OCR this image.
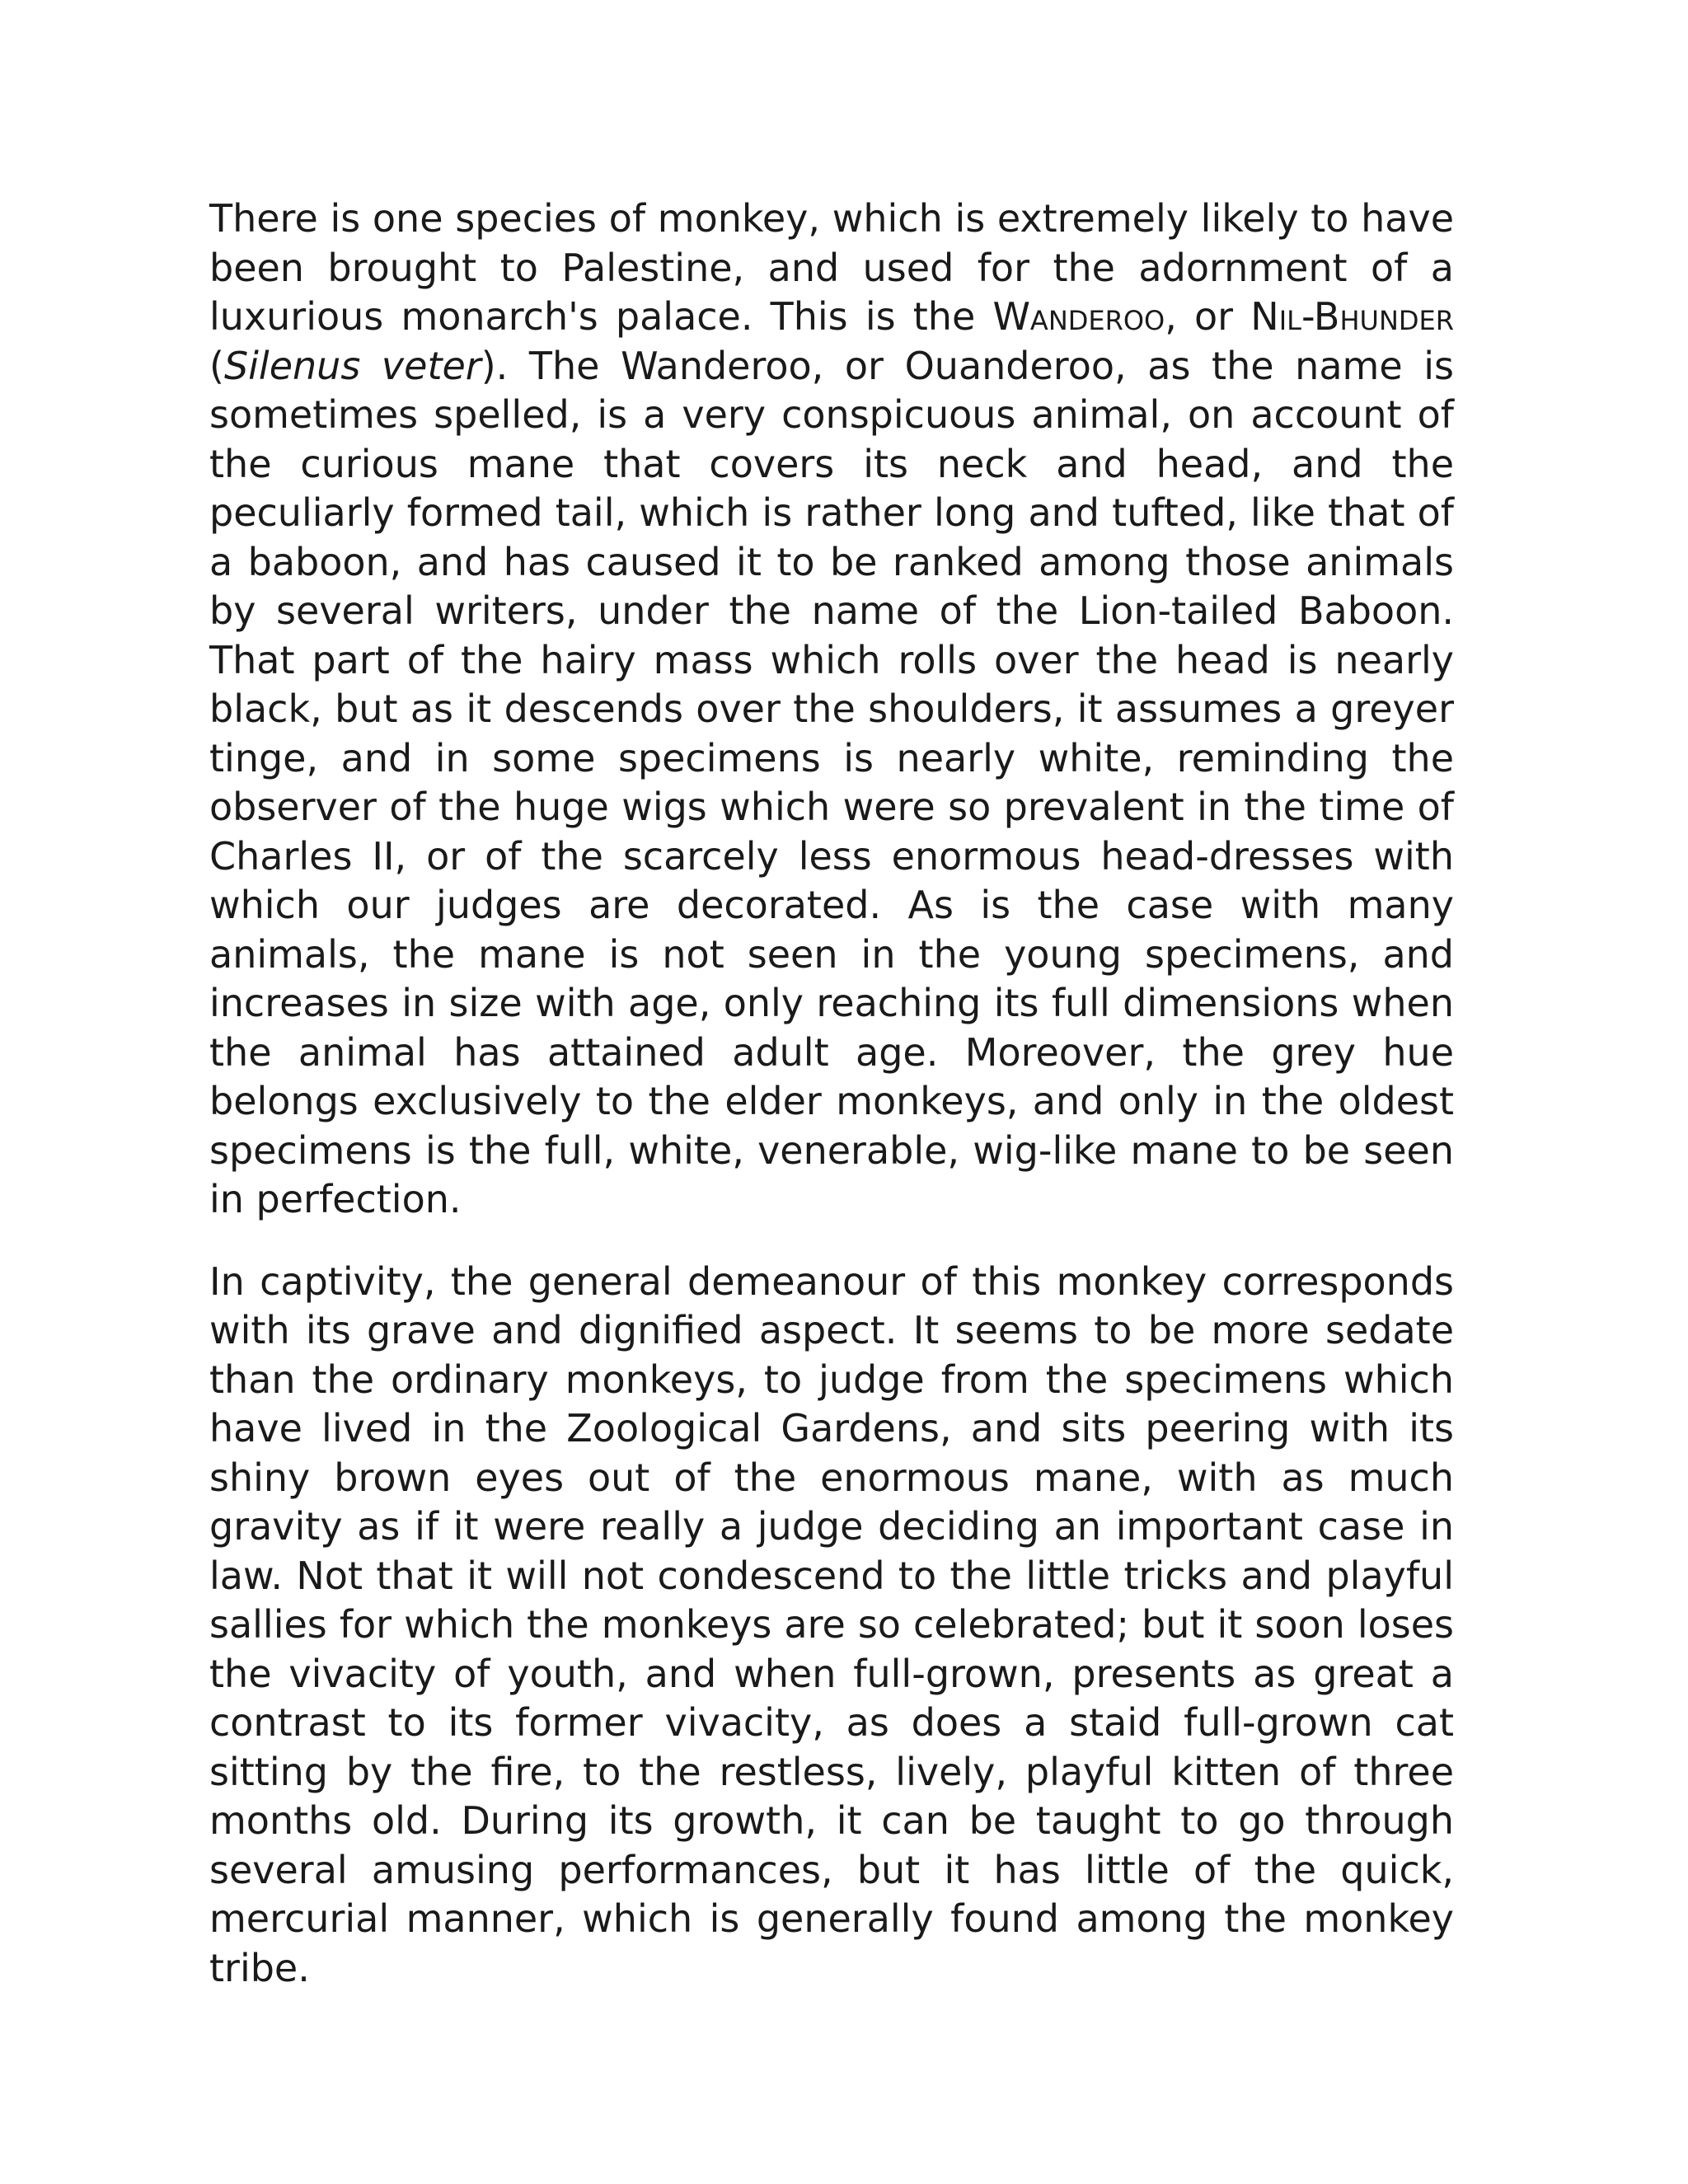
There is one species of monkey, which is extremely likely to have been brought to Palestine, and used for the adornment of a luxurious monarch's palace. This is the Wanderoo, or Nil-Bhunder (Silenus veter). The Wanderoo, or Ouanderoo, as the name is sometimes spelled, is a very conspicuous animal, on account of the curious mane that covers its neck and head, and the peculiarly formed tail, which is rather long and tufted, like that of a baboon, and has caused it to be ranked among those animals by several writers, under the name of the Lion-tailed Baboon. That part of the hairy mass which rolls over the head is nearly black, but as it descends over the shoulders, it assumes a greyer tinge, and in some specimens is nearly white, reminding the observer of the huge wigs which were so prevalent in the time of Charles II, or of the scarcely less enormous head-dresses with which our judges are decorated. As is the case with many animals, the mane is not seen in the young specimens, and increases in size with age, only reaching its full dimensions when the animal has attained adult age. Moreover, the grey hue belongs exclusively to the elder monkeys, and only in the oldest specimens is the full, white, venerable, wig-like mane to be seen in perfection.

In captivity, the general demeanour of this monkey corresponds with its grave and dignified aspect. It seems to be more sedate than the ordinary monkeys, to judge from the specimens which have lived in the Zoological Gardens, and sits peering with its shiny brown eyes out of the enormous mane, with as much gravity as if it were really a judge deciding an important case in law. Not that it will not condescend to the little tricks and playful sallies for which the monkeys are so celebrated; but it soon loses the vivacity of youth, and when full-grown, presents as great a contrast to its former vivacity, as does a staid full-grown cat sitting by the fire, to the restless, lively, playful kitten of three months old. During its growth, it can be taught to go through several amusing performances, but it has little of the quick, mercurial manner, which is generally found among the monkey tribe.
